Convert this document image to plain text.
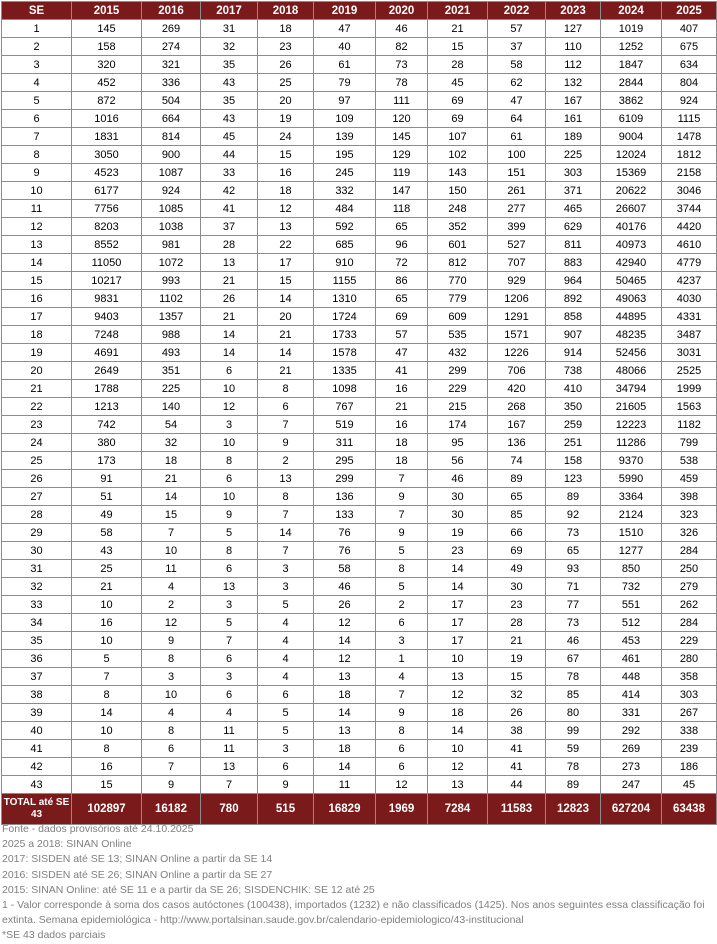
SE	2015	2016	2017	2018	2019	2020	2021	2022	2023	2024	2025
1	145	269	31	18	47	46	21	57	127	1019	407
2	158	274	32	23	40	82	15	37	110	1252	675
3	320	321	35	26	61	73	28	58	112	1847	634
4	452	336	43	25	79	78	45	62	132	2844	804
5	872	504	35	20	97	111	69	47	167	3862	924
6	1016	664	43	19	109	120	69	64	161	6109	1115
7	1831	814	45	24	139	145	107	61	189	9004	1478
8	3050	900	44	15	195	129	102	100	225	12024	1812
9	4523	1087	33	16	245	119	143	151	303	15369	2158
10	6177	924	42	18	332	147	150	261	371	20622	3046
11	7756	1085	41	12	484	118	248	277	465	26607	3744
12	8203	1038	37	13	592	65	352	399	629	40176	4420
13	8552	981	28	22	685	96	601	527	811	40973	4610
14	11050	1072	13	17	910	72	812	707	883	42940	4779
15	10217	993	21	15	1155	86	770	929	964	50465	4237
16	9831	1102	26	14	1310	65	779	1206	892	49063	4030
17	9403	1357	21	20	1724	69	609	1291	858	44895	4331
18	7248	988	14	21	1733	57	535	1571	907	48235	3487
19	4691	493	14	14	1578	47	432	1226	914	52456	3031
20	2649	351	6	21	1335	41	299	706	738	48066	2525
21	1788	225	10	8	1098	16	229	420	410	34794	1999
22	1213	140	12	6	767	21	215	268	350	21605	1563
23	742	54	3	7	519	16	174	167	259	12223	1182
24	380	32	10	9	311	18	95	136	251	11286	799
25	173	18	8	2	295	18	56	74	158	9370	538
26	91	21	6	13	299	7	46	89	123	5990	459
27	51	14	10	8	136	9	30	65	89	3364	398
28	49	15	9	7	133	7	30	85	92	2124	323
29	58	7	5	14	76	9	19	66	73	1510	326
30	43	10	8	7	76	5	23	69	65	1277	284
31	25	11	6	3	58	8	14	49	93	850	250
32	21	4	13	3	46	5	14	30	71	732	279
33	10	2	3	5	26	2	17	23	77	551	262
34	16	12	5	4	12	6	17	28	73	512	284
35	10	9	7	4	14	3	17	21	46	453	229
36	5	8	6	4	12	1	10	19	67	461	280
37	7	3	3	4	13	4	13	15	78	448	358
38	8	10	6	6	18	7	12	32	85	414	303
39	14	4	4	5	14	9	18	26	80	331	267
40	10	8	11	5	13	8	14	38	99	292	338
41	8	6	11	3	18	6	10	41	59	269	239
42	16	7	13	6	14	6	12	41	78	273	186
43	15	9	7	9	11	12	13	44	89	247	45
TOTAL até SE 43	102897	16182	780	515	16829	1969	7284	11583	12823	627204	63438
Fonte - dados provisórios até 24.10.2025
2025 a 2018: SINAN Online
2017: SISDEN até SE 13; SINAN Online a partir da SE 14
2016: SISDEN até SE 26; SINAN Online a partir da SE 27
2015: SINAN Online: até SE 11 e a partir da SE 26; SISDENCHIK: SE 12 até 25
1 - Valor corresponde à soma dos casos autóctones (100438), importados (1232) e não classificados (1425). Nos anos seguintes essa classificação foi extinta. Semana epidemiológica - http://www.portalsinan.saude.gov.br/calendario-epidemiologico/43-institucional
*SE 43 dados parciais
